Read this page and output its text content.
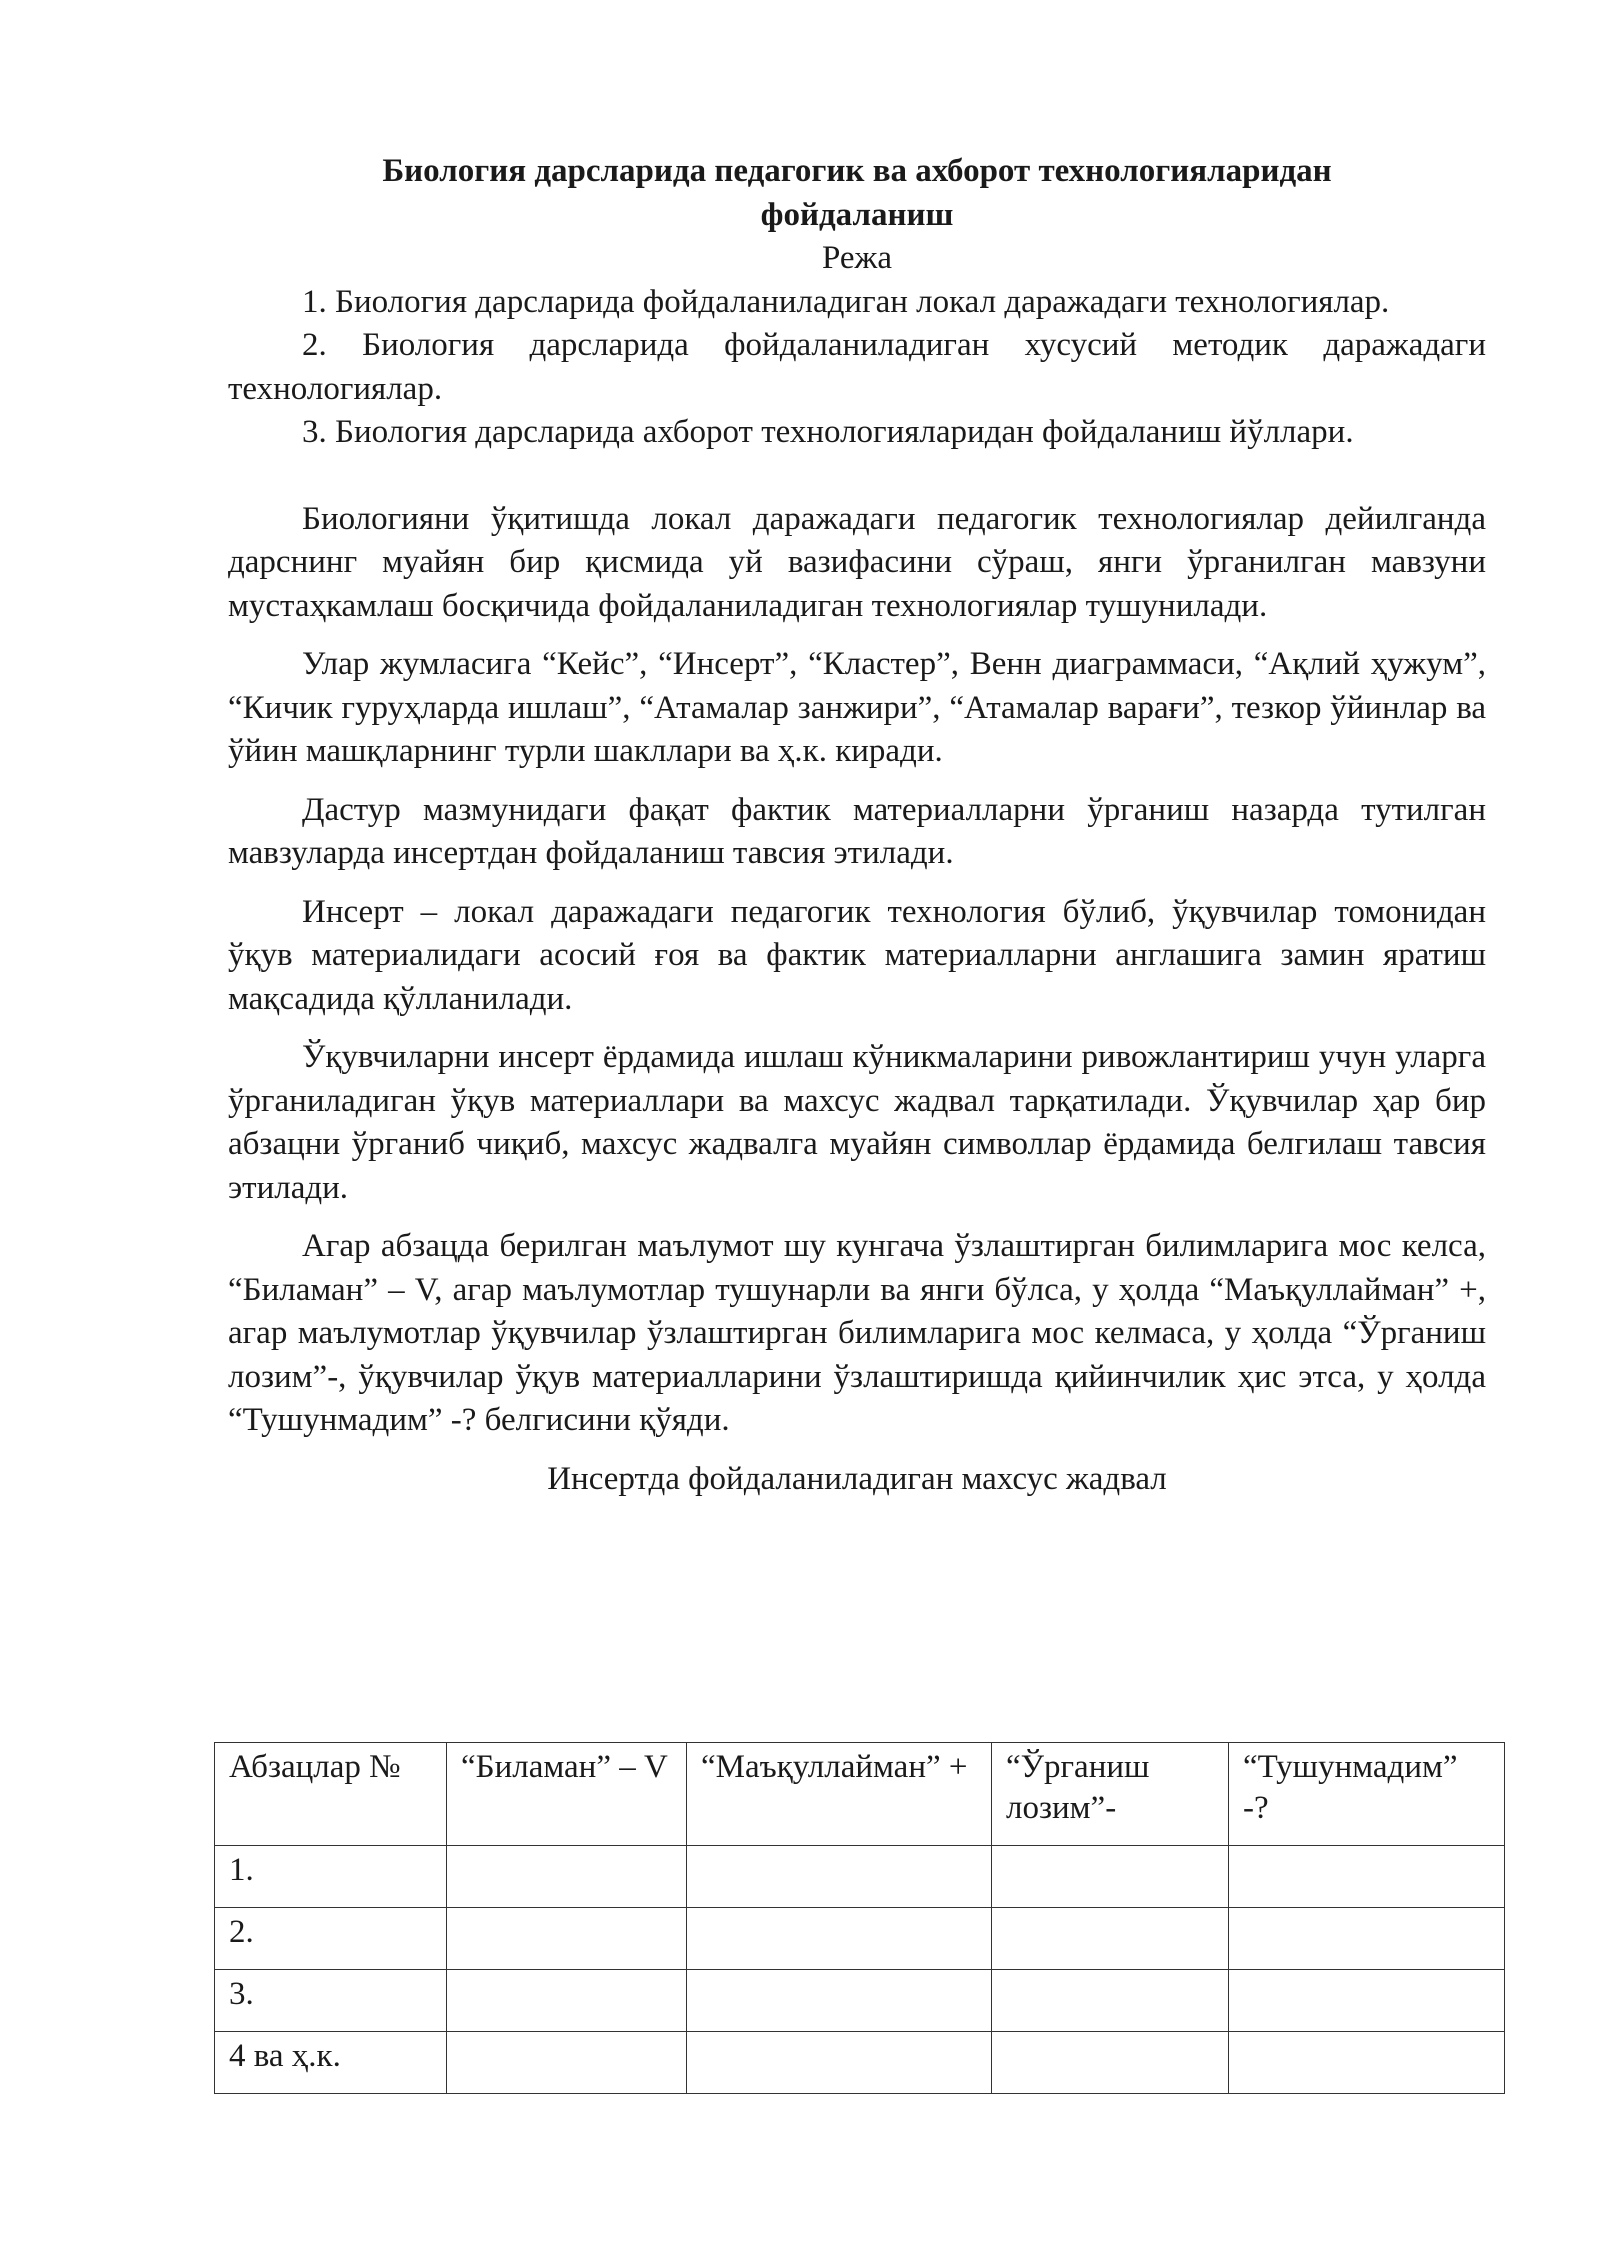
Биология дарсларида педагогик ва ахборот технологияларидан

фойдаланиш

Режа

1. Биология дарсларида фойдаланиладиган локал даражадаги технологиялар.

2. Биология дарсларида фойдаланиладиган хусусий методик даражадаги технологиялар.

3. Биология дарсларида ахборот технологияларидан фойдаланиш йўллари.

Биологияни ўқитишда локал даражадаги педагогик технологиялар дейилганда дарснинг муайян бир қисмида уй вазифасини сўраш, янги ўрганилган мавзуни мустаҳкамлаш босқичида фойдаланиладиган технологиялар тушунилади.

Улар жумласига “Кейс”, “Инсерт”, “Кластер”, Венн диаграммаси, “Ақлий ҳужум”, “Кичик гуруҳларда ишлаш”, “Атамалар занжири”, “Атамалар варағи”, тезкор ўйинлар ва ўйин машқларнинг турли шакллари ва ҳ.к. киради.

Дастур мазмунидаги фақат фактик материалларни ўрганиш назарда тутилган мавзуларда инсертдан фойдаланиш тавсия этилади.

Инсерт – локал даражадаги педагогик технология бўлиб, ўқувчилар томонидан ўқув материалидаги асосий ғоя ва фактик материалларни англашига замин яратиш мақсадида қўлланилади.

Ўқувчиларни инсерт ёрдамида ишлаш кўникмаларини ривожлантириш учун уларга ўрганиладиган ўқув материаллари ва махсус жадвал тарқатилади. Ўқувчилар ҳар бир абзацни ўрганиб чиқиб, махсус жадвалга муайян символлар ёрдамида белгилаш тавсия этилади.

Агар абзацда берилган маълумот шу кунгача ўзлаштирган билимларига мос келса, “Биламан” – V, агар маълумотлар тушунарли ва янги бўлса, у ҳолда “Маъқуллайман” +, агар маълумотлар ўқувчилар ўзлаштирган билимларига мос келмаса, у ҳолда “Ўрганиш лозим”-, ўқувчилар ўқув материалларини ўзлаштиришда қийинчилик ҳис этса, у ҳолда “Тушунмадим” -? белгисини қўяди.

Инсертда фойдаланиладиган махсус жадвал

Абзацлар №	“Биламан” – V	“Маъқуллайман” +	“Ўрганиш лозим”-	“Тушунмадим” -?
1.				
2.				
3.				
4 ва ҳ.к.				
